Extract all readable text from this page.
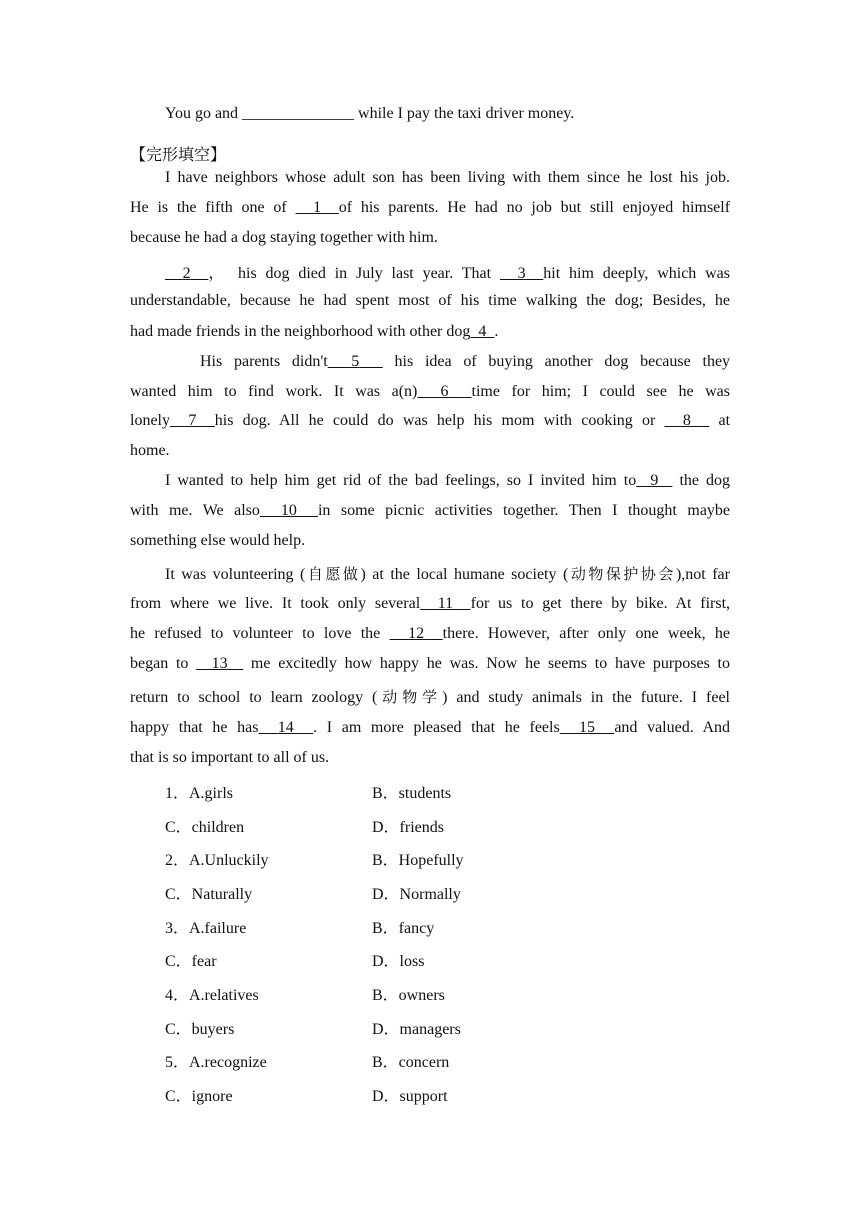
You go and ______________ while I pay the taxi driver money.
【完形填空】
I have neighbors whose adult son has been living with them since he lost his job.
He is the fifth one of 1 of his parents. He had no job but still enjoyed himself
because he had a dog staying together with him.
2 ， his dog died in July last year. That 3 hit him deeply, which was
understandable, because he had spent most of his time walking the dog; Besides, he
had made friends in the neighborhood with other dog 4 .
His parents didn't 5 his idea of buying another dog because they
wanted him to find work. It was a(n) 6 time for him; I could see he was
lonely 7 his dog. All he could do was help his mom with cooking or 8 at
home.
I wanted to help him get rid of the bad feelings, so I invited him to 9 the dog
with me. We also 10 in some picnic activities together. Then I thought maybe
something else would help.
It was volunteering (自愿做) at the local humane society (动物保护协会),not far
from where we live. It took only several 11 for us to get there by bike. At first,
he refused to volunteer to love the 12 there. However, after only one week, he
began to 13 me excitedly how happy he was. Now he seems to have purposes to
return to school to learn zoology (动物学) and study animals in the future. I feel
happy that he has 14 . I am more pleased that he feels 15 and valued. And
that is so important to all of us.
1．A.girls	B．students
C．children	D．friends
2．A.Unluckily	B．Hopefully
C．Naturally	D．Normally
3．A.failure	B．fancy
C．fear	D．loss
4．A.relatives	B．owners
C．buyers	D．managers
5．A.recognize	B．concern
C．ignore	D．support
